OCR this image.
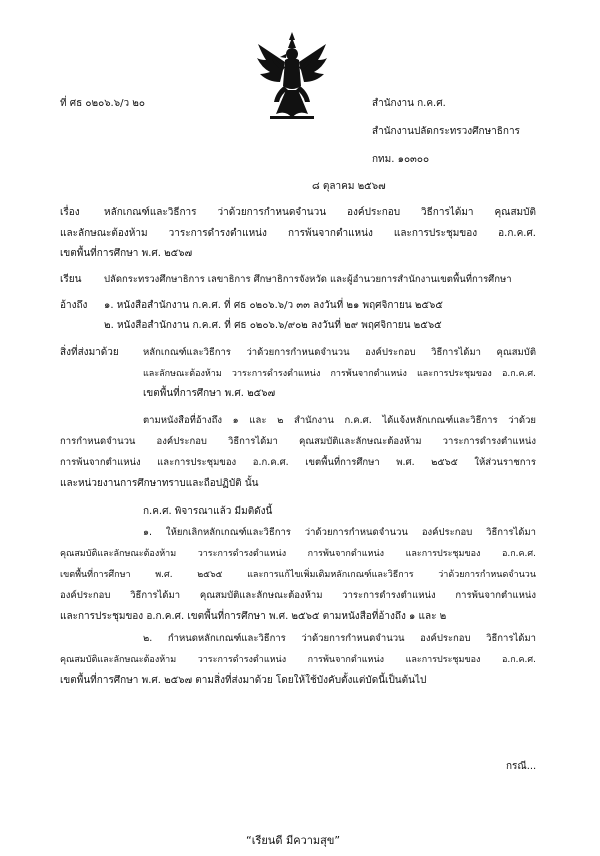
ที่ ศธ ๐๒๐๖.๖/ว ๒๐	สำนักงาน ก.ค.ศ.
สำนักงานปลัดกระทรวงศึกษาธิการ
กทม. ๑๐๓๐๐
๘ ตุลาคม ๒๕๖๗
เรื่อง หลักเกณฑ์และวิธีการ ว่าด้วยการกำหนดจำนวน องค์ประกอบ วิธีการได้มา คุณสมบัติ
และลักษณะต้องห้าม วาระการดำรงตำแหน่ง การพ้นจากตำแหน่ง และการประชุมของ อ.ก.ค.ศ.
เขตพื้นที่การศึกษา พ.ศ. ๒๕๖๗
เรียน ปลัดกระทรวงศึกษาธิการ เลขาธิการ ศึกษาธิการจังหวัด และผู้อำนวยการสำนักงานเขตพื้นที่การศึกษา
อ้างถึง ๑. หนังสือสำนักงาน ก.ค.ศ. ที่ ศธ ๐๒๐๖.๖/ว ๓๓ ลงวันที่ ๒๑ พฤศจิกายน ๒๕๖๕
๒. หนังสือสำนักงาน ก.ค.ศ. ที่ ศธ ๐๒๐๖.๖/๙๐๒ ลงวันที่ ๒๙ พฤศจิกายน ๒๕๖๕
สิ่งที่ส่งมาด้วย	หลักเกณฑ์และวิธีการ ว่าด้วยการกำหนดจำนวน องค์ประกอบ วิธีการได้มา คุณสมบัติ
และลักษณะต้องห้าม วาระการดำรงตำแหน่ง การพ้นจากตำแหน่ง และการประชุมของ อ.ก.ค.ศ.
เขตพื้นที่การศึกษา พ.ศ. ๒๕๖๗
ตามหนังสือที่อ้างถึง ๑ และ ๒ สำนักงาน ก.ค.ศ. ได้แจ้งหลักเกณฑ์และวิธีการ ว่าด้วย
การกำหนดจำนวน องค์ประกอบ วิธีการได้มา คุณสมบัติและลักษณะต้องห้าม วาระการดำรงตำแหน่ง
การพ้นจากตำแหน่ง และการประชุมของ อ.ก.ค.ศ. เขตพื้นที่การศึกษา พ.ศ. ๒๕๖๕ ให้ส่วนราชการ
และหน่วยงานการศึกษาทราบและถือปฏิบัติ นั้น
ก.ค.ศ. พิจารณาแล้ว มีมติดังนี้
๑. ให้ยกเลิกหลักเกณฑ์และวิธีการ ว่าด้วยการกำหนดจำนวน องค์ประกอบ วิธีการได้มา
คุณสมบัติและลักษณะต้องห้าม วาระการดำรงตำแหน่ง การพ้นจากตำแหน่ง และการประชุมของ อ.ก.ค.ศ.
เขตพื้นที่การศึกษา พ.ศ. ๒๕๖๕ และการแก้ไขเพิ่มเติมหลักเกณฑ์และวิธีการ ว่าด้วยการกำหนดจำนวน
องค์ประกอบ วิธีการได้มา คุณสมบัติและลักษณะต้องห้าม วาระการดำรงตำแหน่ง การพ้นจากตำแหน่ง
และการประชุมของ อ.ก.ค.ศ. เขตพื้นที่การศึกษา พ.ศ. ๒๕๖๕ ตามหนังสือที่อ้างถึง ๑ และ ๒
๒. กำหนดหลักเกณฑ์และวิธีการ ว่าด้วยการกำหนดจำนวน องค์ประกอบ วิธีการได้มา
คุณสมบัติและลักษณะต้องห้าม วาระการดำรงตำแหน่ง การพ้นจากตำแหน่ง และการประชุมของ อ.ก.ค.ศ.
เขตพื้นที่การศึกษา พ.ศ. ๒๕๖๗ ตามสิ่งที่ส่งมาด้วย โดยให้ใช้บังคับตั้งแต่บัดนี้เป็นต้นไป
กรณี...
“เรียนดี มีความสุข”
